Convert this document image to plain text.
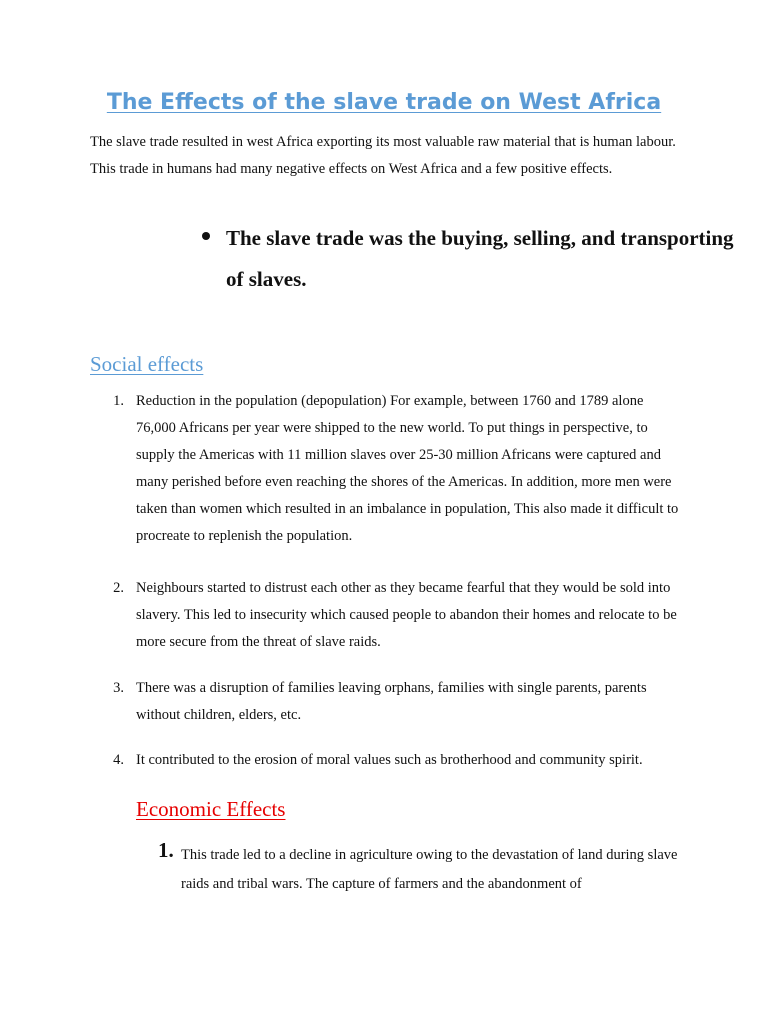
The Effects of the slave trade on West Africa
The slave trade resulted in west Africa exporting its most valuable raw material that is human labour. This trade in humans had many negative effects on West Africa and a few positive effects.
The slave trade was the buying, selling, and transporting of slaves.
Social effects
1. Reduction in the population (depopulation) For example, between 1760 and 1789 alone 76,000 Africans per year were shipped to the new world. To put things in perspective, to supply the Americas with 11 million slaves over 25-30 million Africans were captured and many perished before even reaching the shores of the Americas. In addition, more men were taken than women which resulted in an imbalance in population, This also made it difficult to procreate to replenish the population.
2. Neighbours started to distrust each other as they became fearful that they would be sold into slavery. This led to insecurity which caused people to abandon their homes and relocate to be more secure from the threat of slave raids.
3. There was a disruption of families leaving orphans, families with single parents, parents without children, elders, etc.
4. It contributed to the erosion of moral values such as brotherhood and community spirit.
Economic Effects
1. This trade led to a decline in agriculture owing to the devastation of land during slave raids and tribal wars. The capture of farmers and the abandonment of
